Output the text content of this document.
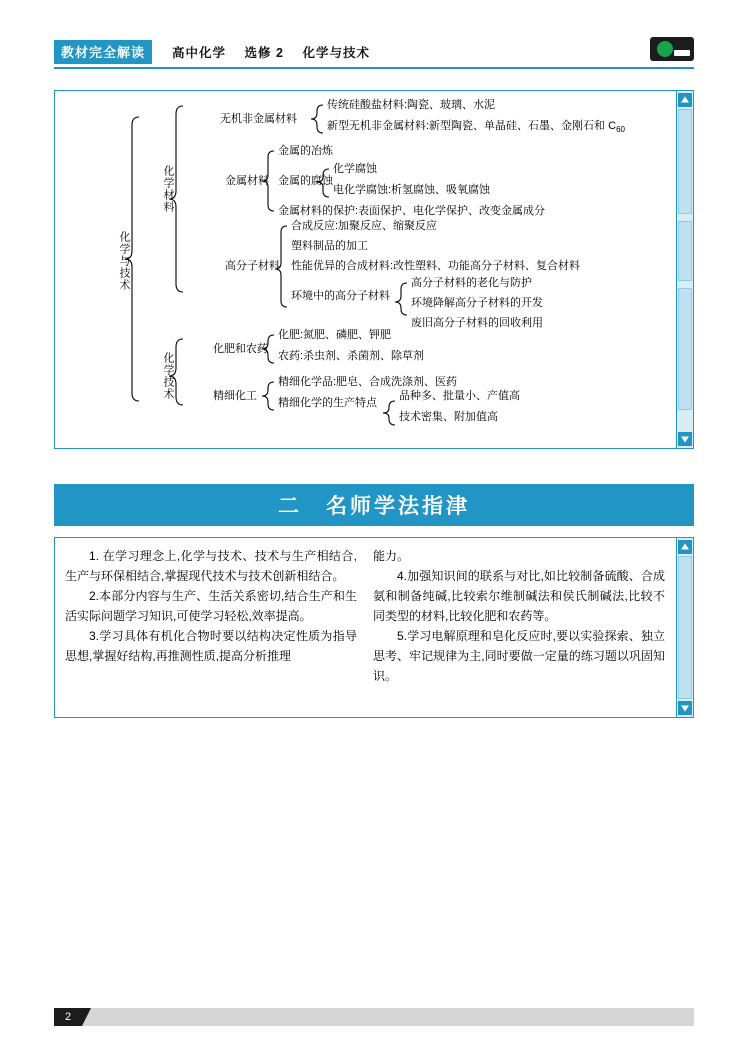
教材完全解读 高中化学 选修 2 化学与技术
化学与技术
化学材料
化学技术
无机非金属材料
传统硅酸盐材料:陶瓷、玻璃、水泥
新型无机非金属材料:新型陶瓷、单晶硅、石墨、金刚石和 $C_{60}$
金属材料
金属的冶炼
金属的腐蚀
化学腐蚀
电化学腐蚀:析氢腐蚀、吸氧腐蚀
金属材料的保护:表面保护、电化学保护、改变金属成分
高分子材料
合成反应:加聚反应、缩聚反应
塑料制品的加工
性能优异的合成材料:改性塑料、功能高分子材料、复合材料
环境中的高分子材料
高分子材料的老化与防护
环境降解高分子材料的开发
废旧高分子材料的回收利用
化肥和农药
化肥:氮肥、磷肥、钾肥
农药:杀虫剂、杀菌剂、除草剂
精细化工
精细化学品:肥皂、合成洗涤剂、医药
精细化学的生产特点
品种多、批量小、产值高
技术密集、附加值高
二 名师学法指津

1. 在学习理念上,化学与技术、技术与生产相结合,生产与环保相结合,掌握现代技术与技术创新相结合。

2.本部分内容与生产、生活关系密切,结合生产和生活实际问题学习知识,可使学习轻松,效率提高。

3.学习具体有机化合物时要以结构决定性质为指导思想,掌握好结构,再推测性质,提高分析推理

能力。

4.加强知识间的联系与对比,如比较制备硫酸、合成氨和制备纯碱,比较索尔维制碱法和侯氏制碱法,比较不同类型的材料,比较化肥和农药等。

5.学习电解原理和皂化反应时,要以实验探索、独立思考、牢记规律为主,同时要做一定量的练习题以巩固知识。

2
